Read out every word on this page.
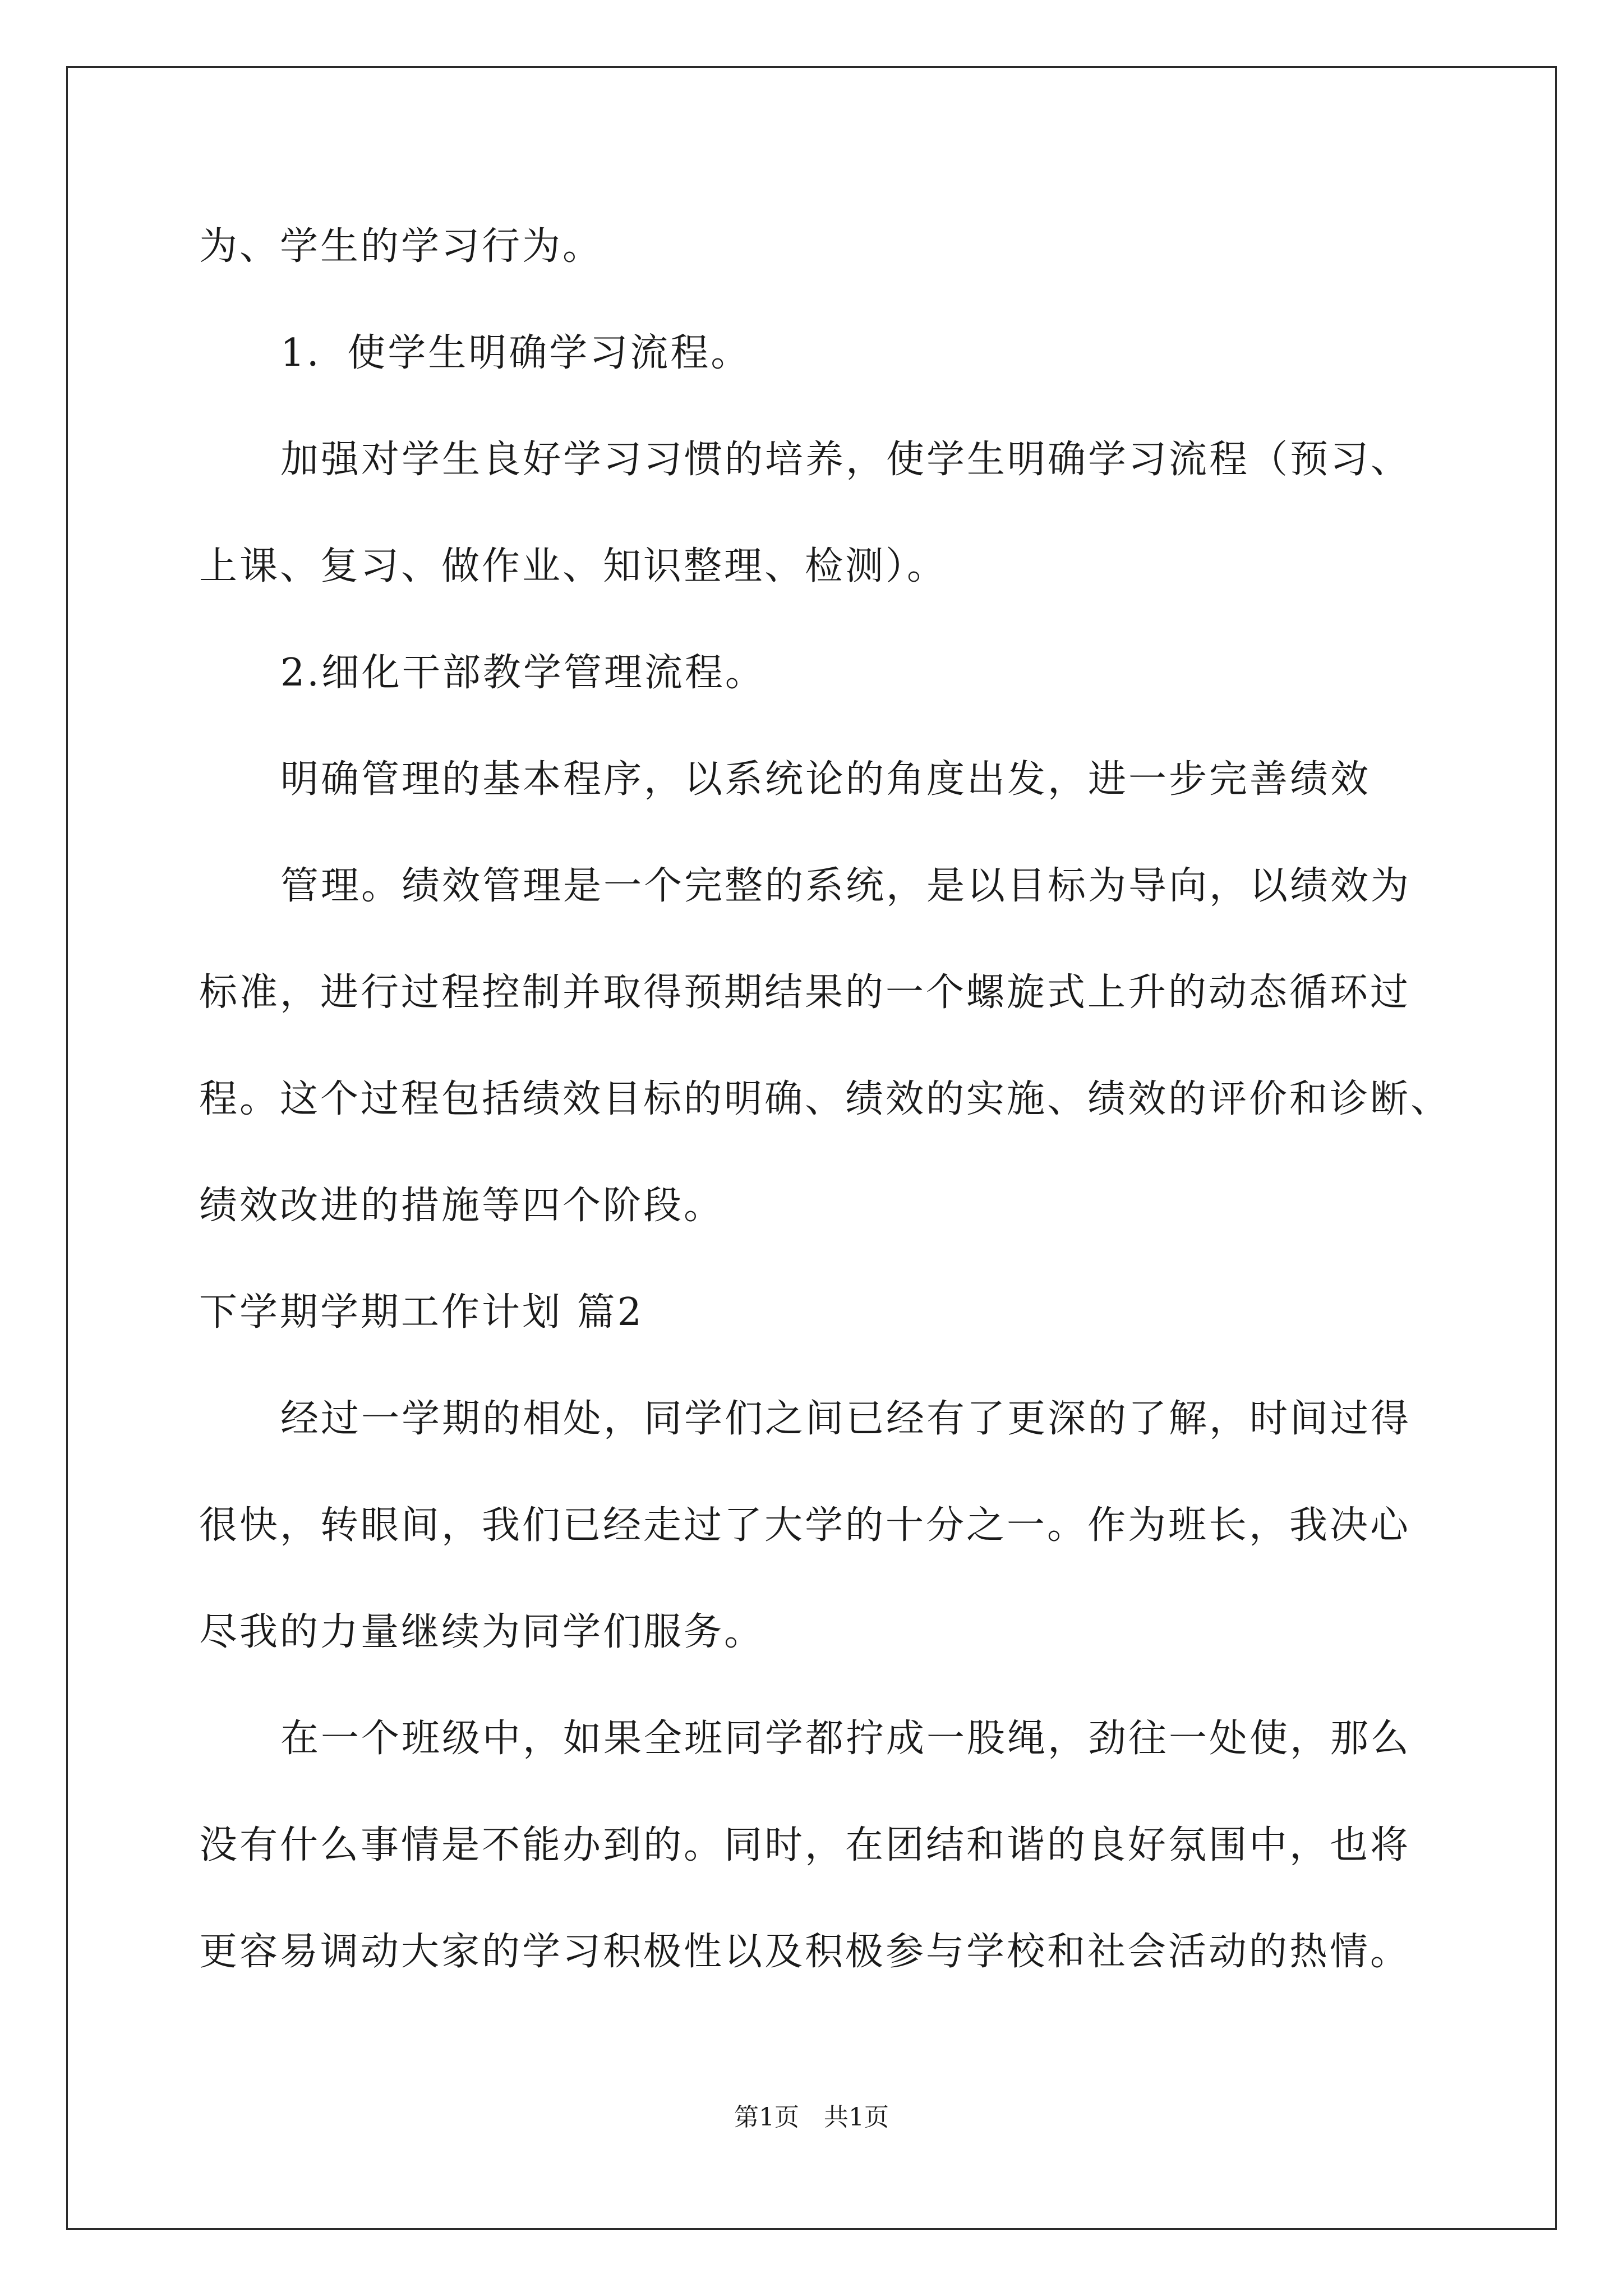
为、学生的学习行为。
1．使学生明确学习流程。
加强对学生良好学习习惯的培养，使学生明确学习流程（预习、
上课、复习、做作业、知识整理、检测）。
2.细化干部教学管理流程。
明确管理的基本程序，以系统论的角度出发，进一步完善绩效
管理。绩效管理是一个完整的系统，是以目标为导向，以绩效为
标准，进行过程控制并取得预期结果的一个螺旋式上升的动态循环过
程。这个过程包括绩效目标的明确、绩效的实施、绩效的评价和诊断、
绩效改进的措施等四个阶段。
下学期学期工作计划 篇2
经过一学期的相处，同学们之间已经有了更深的了解，时间过得
很快，转眼间，我们已经走过了大学的十分之一。作为班长，我决心
尽我的力量继续为同学们服务。
在一个班级中，如果全班同学都拧成一股绳，劲往一处使，那么
没有什么事情是不能办到的。同时，在团结和谐的良好氛围中，也将
更容易调动大家的学习积极性以及积极参与学校和社会活动的热情。
第1页　共1页
